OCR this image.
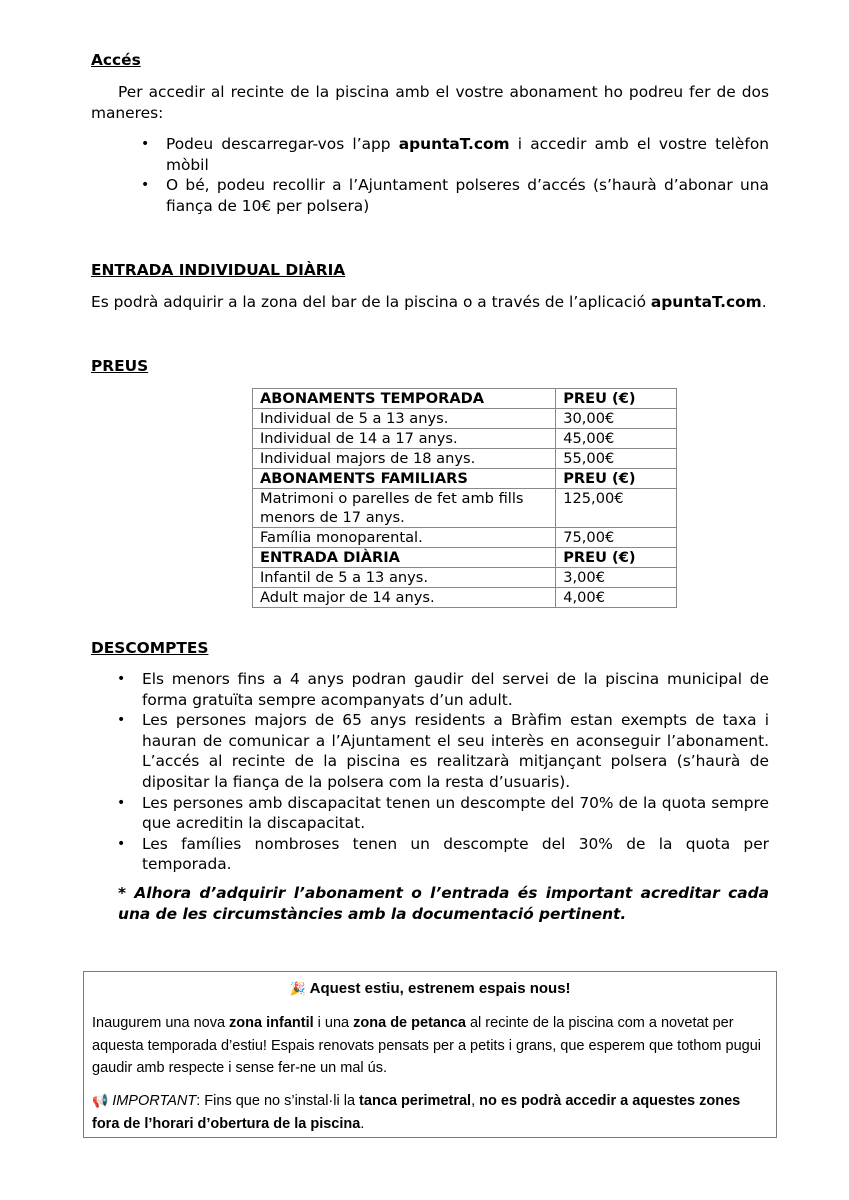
Accés

Per accedir al recinte de la piscina amb el vostre abonament ho podreu fer de dos maneres:

• Podeu descarregar-vos l’app apuntaT.com i accedir amb el vostre telèfon mòbil
• O bé, podeu recollir a l’Ajuntament polseres d’accés (s’haurà d’abonar una fiança de 10€ per polsera)
ENTRADA INDIVIDUAL DIÀRIA

Es podrà adquirir a la zona del bar de la piscina o a través de l’aplicació apuntaT.com.

PREUS
ABONAMENTS TEMPORADA	PREU (€)
Individual de 5 a 13 anys.	30,00€
Individual de 14 a 17 anys.	45,00€
Individual majors de 18 anys.	55,00€
ABONAMENTS FAMILIARS	PREU (€)
Matrimoni o parelles de fet amb fills menors de 17 anys.	125,00€
Família monoparental.	75,00€
ENTRADA DIÀRIA	PREU (€)
Infantil de 5 a 13 anys.	3,00€
Adult major de 14 anys.	4,00€
DESCOMPTES
• Els menors fins a 4 anys podran gaudir del servei de la piscina municipal de forma gratuïta sempre acompanyats d’un adult.
• Les persones majors de 65 anys residents a Bràfim estan exempts de taxa i hauran de comunicar a l’Ajuntament el seu interès en aconseguir l’abonament. L’accés al recinte de la piscina es realitzarà mitjançant polsera (s’haurà de dipositar la fiança de la polsera com la resta d’usuaris).
• Les persones amb discapacitat tenen un descompte del 70% de la quota sempre que acreditin la discapacitat.
• Les famílies nombroses tenen un descompte del 30% de la quota per temporada.

* Alhora d’adquirir l’abonament o l’entrada és important acreditar cada una de les circumstàncies amb la documentació pertinent.

🎉 Aquest estiu, estrenem espais nous!

Inaugurem una nova zona infantil i una zona de petanca al recinte de la piscina com a novetat per aquesta temporada d’estiu! Espais renovats pensats per a petits i grans, que esperem que tothom pugui gaudir amb respecte i sense fer-ne un mal ús.

📢 IMPORTANT: Fins que no s’instal·li la tanca perimetral, no es podrà accedir a aquestes zones fora de l’horari d’obertura de la piscina.
